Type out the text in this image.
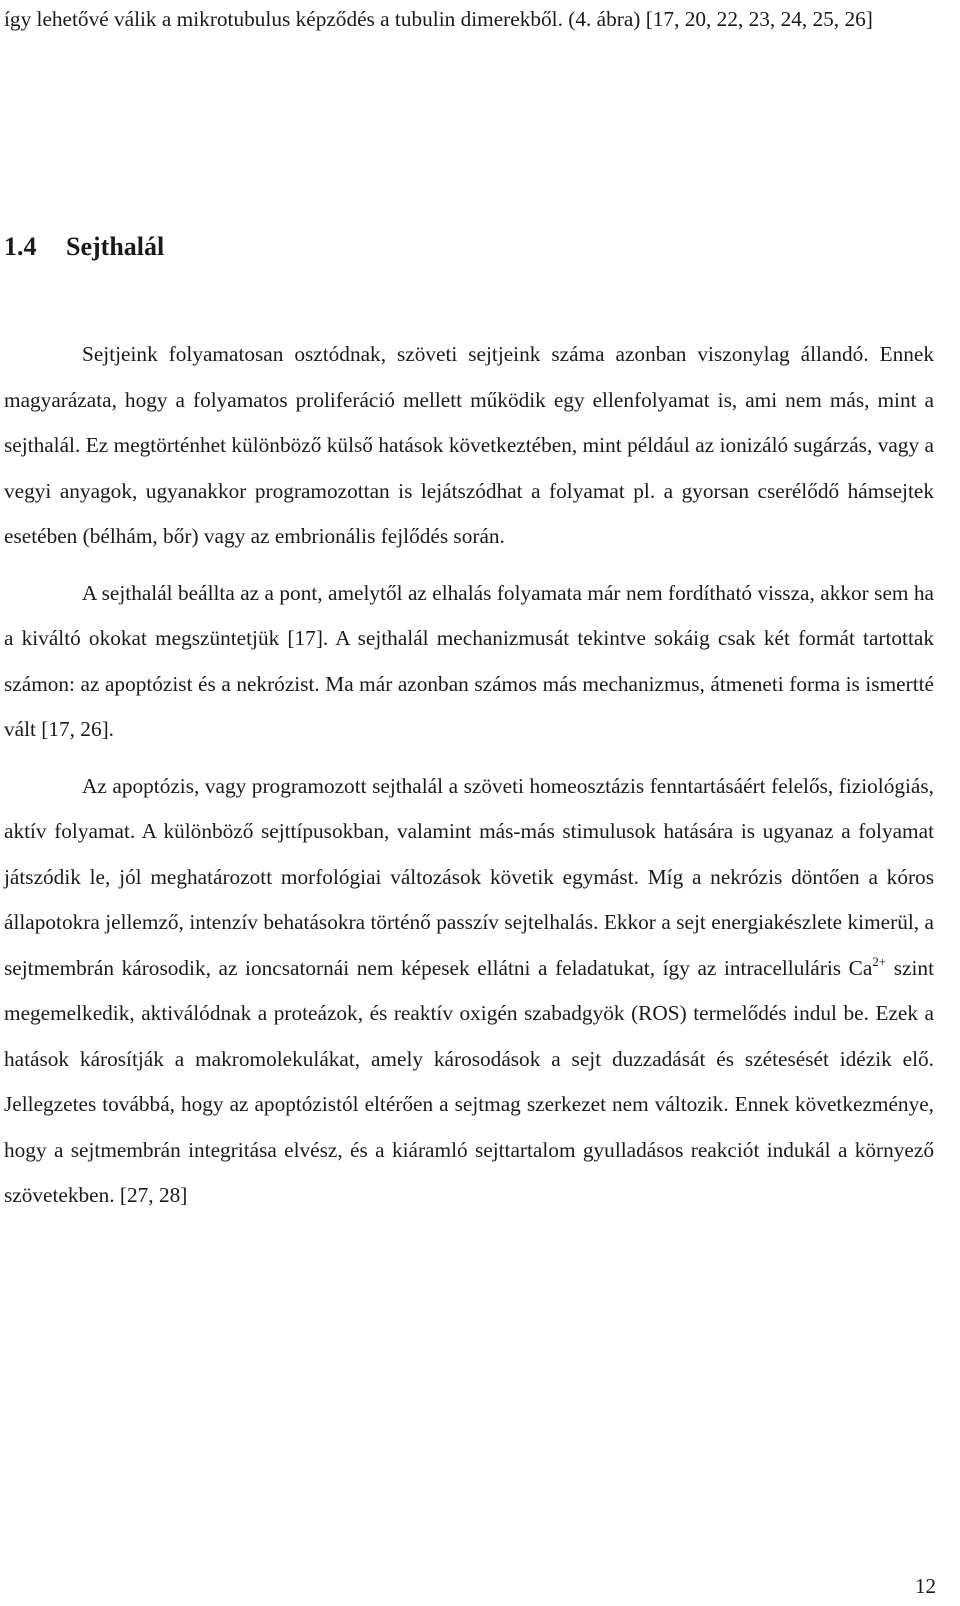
így lehetővé válik a mikrotubulus képződés a tubulin dimerekből. (4. ábra) [17, 20, 22, 23, 24, 25, 26]

1.4 Sejthalál

Sejtjeink folyamatosan osztódnak, szöveti sejtjeink száma azonban viszonylag állandó. Ennek magyarázata, hogy a folyamatos proliferáció mellett működik egy ellenfolyamat is, ami nem más, mint a sejthalál. Ez megtörténhet különböző külső hatások következtében, mint például az ionizáló sugárzás, vagy a vegyi anyagok, ugyanakkor programozottan is lejátszódhat a folyamat pl. a gyorsan cserélődő hámsejtek esetében (bélhám, bőr) vagy az embrionális fejlődés során.

A sejthalál beállta az a pont, amelytől az elhalás folyamata már nem fordítható vissza, akkor sem ha a kiváltó okokat megszüntetjük [17]. A sejthalál mechanizmusát tekintve sokáig csak két formát tartottak számon: az apoptózist és a nekrózist. Ma már azonban számos más mechanizmus, átmeneti forma is ismertté vált [17, 26].

Az apoptózis, vagy programozott sejthalál a szöveti homeosztázis fenntartásáért felelős, fiziológiás, aktív folyamat. A különböző sejttípusokban, valamint más-más stimulusok hatására is ugyanaz a folyamat játszódik le, jól meghatározott morfológiai változások követik egymást. Míg a nekrózis döntően a kóros állapotokra jellemző, intenzív behatásokra történő passzív sejtelhalás. Ekkor a sejt energiakészlete kimerül, a sejtmembrán károsodik, az ioncsatornái nem képesek ellátni a feladatukat, így az intracelluláris $Ca^{2+}$ szint megemelkedik, aktiválódnak a proteázok, és reaktív oxigén szabadgyök (ROS) termelődés indul be. Ezek a hatások károsítják a makromolekulákat, amely károsodások a sejt duzzadását és szétesését idézik elő. Jellegzetes továbbá, hogy az apoptózistól eltérően a sejtmag szerkezet nem változik. Ennek következménye, hogy a sejtmembrán integritása elvész, és a kiáramló sejttartalom gyulladásos reakciót indukál a környező szövetekben. [27, 28]

12
